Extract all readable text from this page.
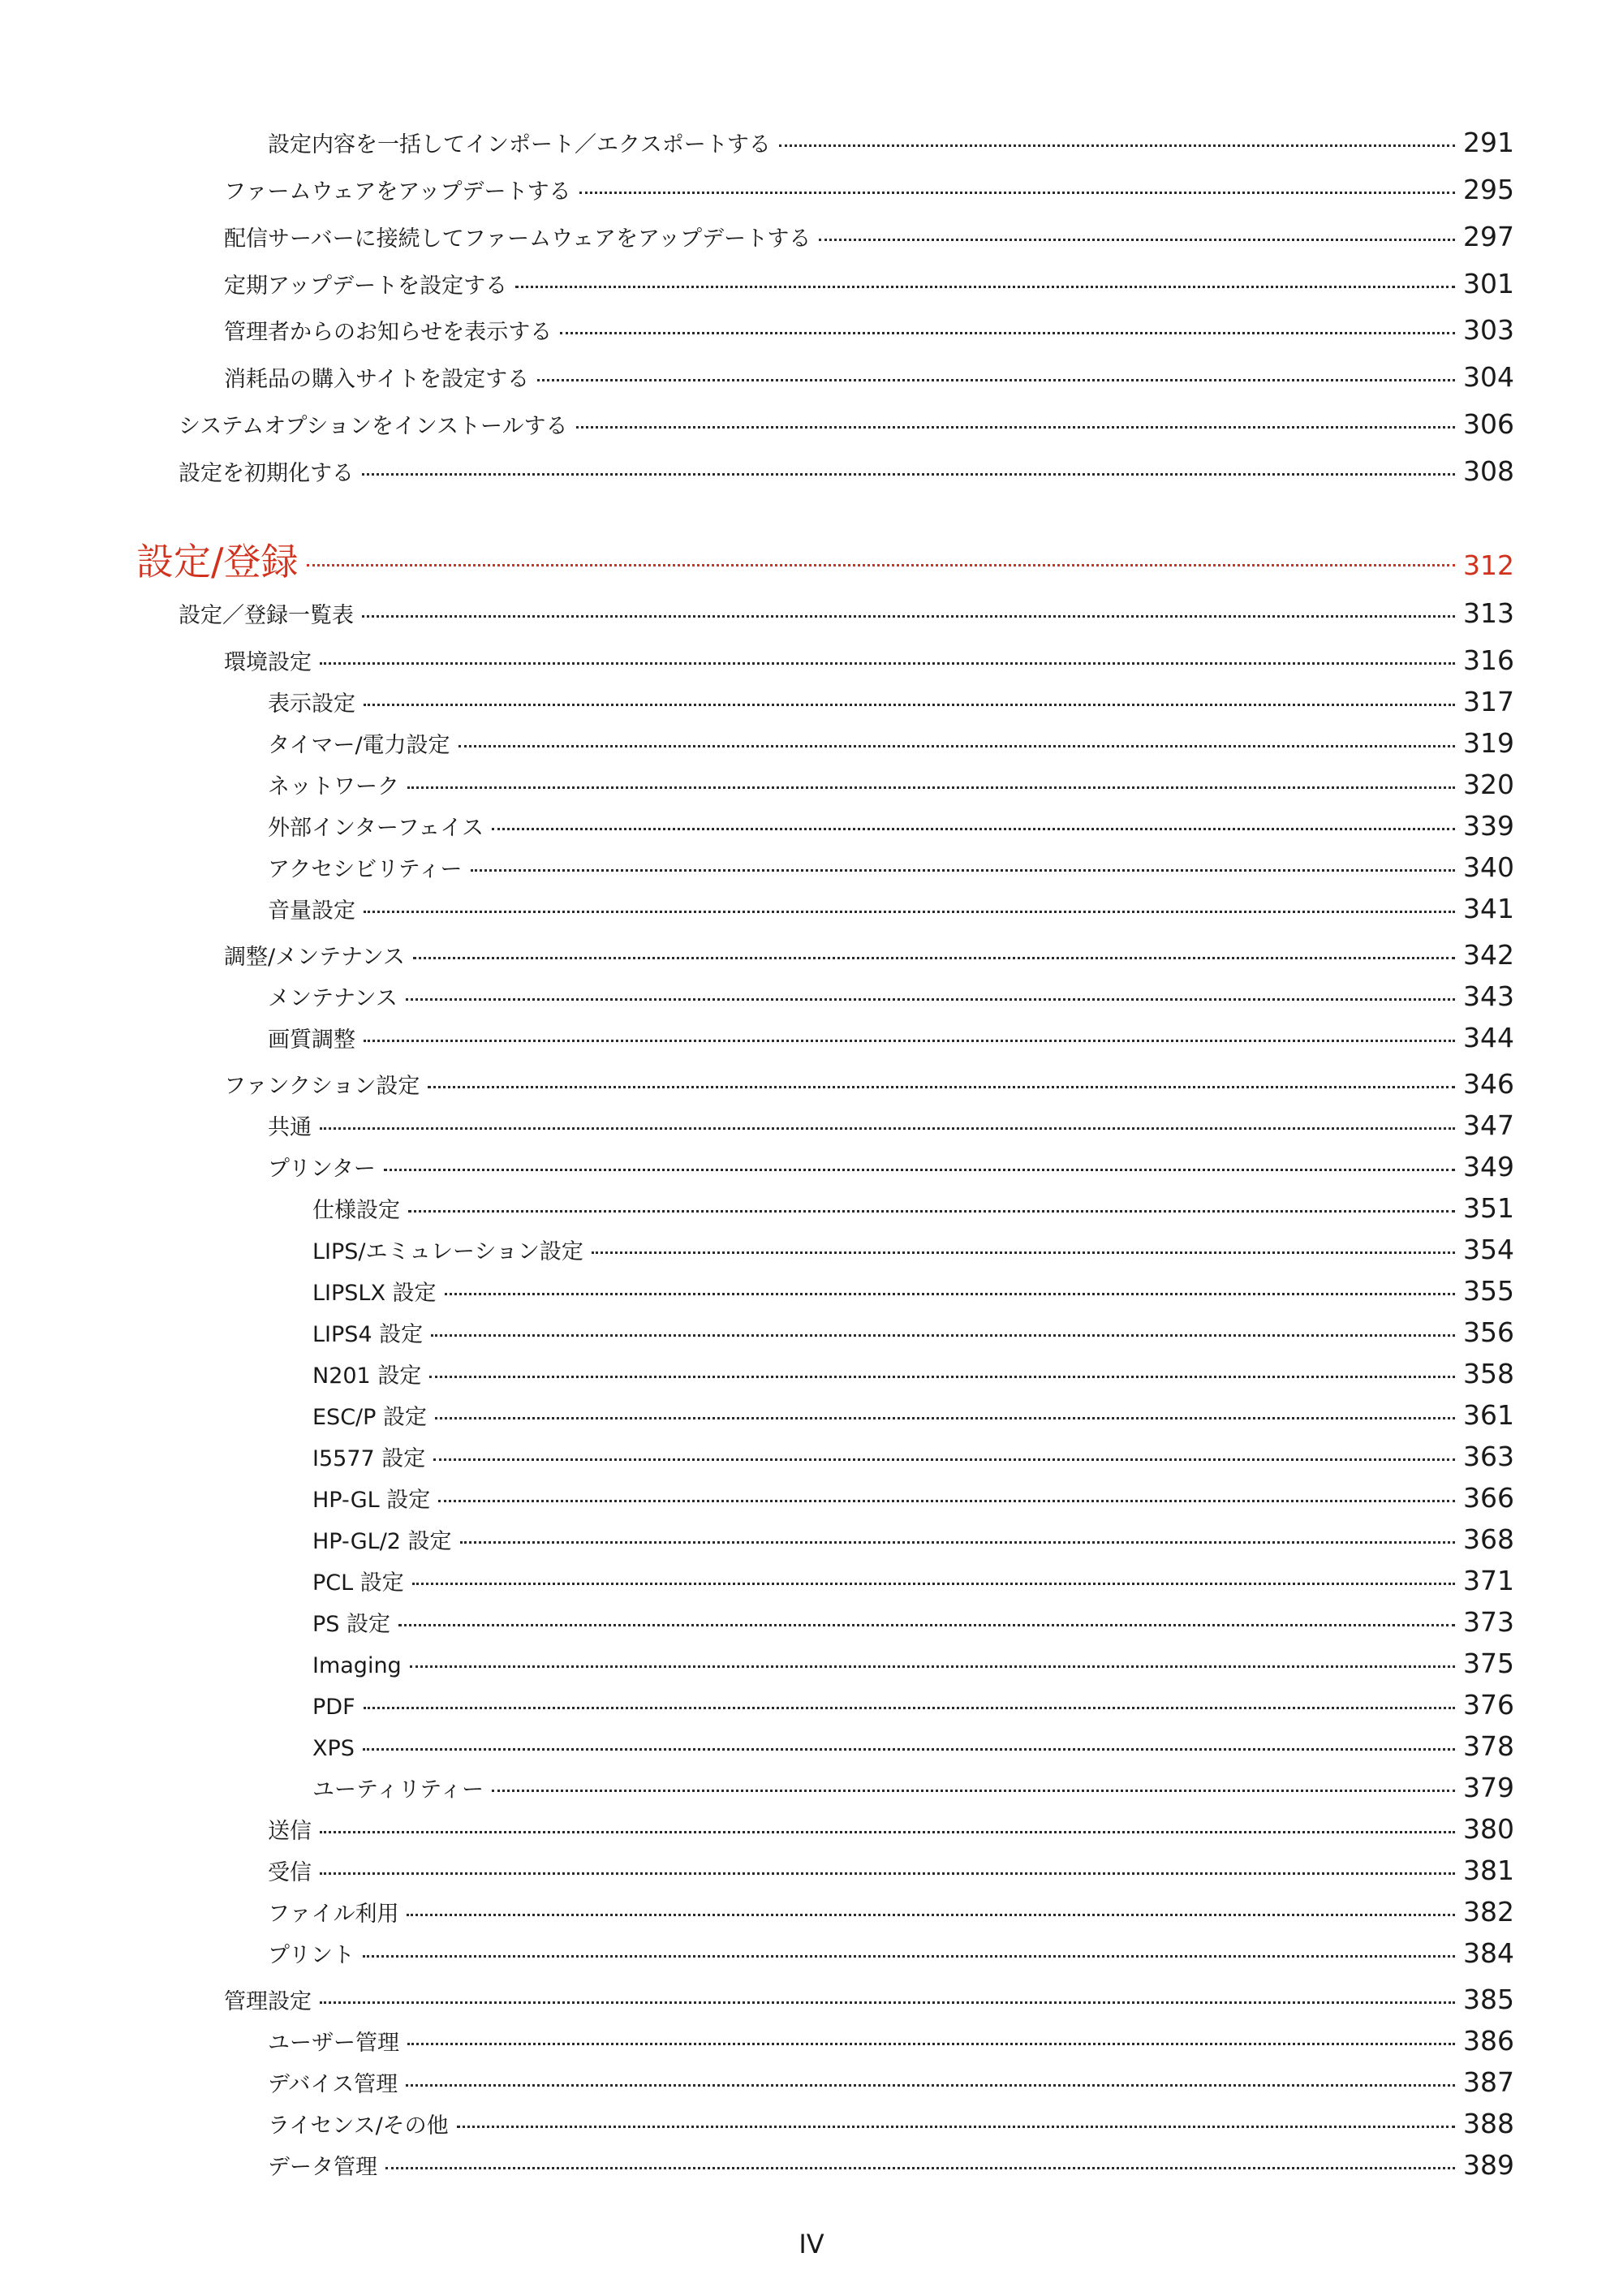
設定内容を一括してインポート／エクスポートする	291
ファームウェアをアップデートする	295
配信サーバーに接続してファームウェアをアップデートする	297
定期アップデートを設定する	301
管理者からのお知らせを表示する	303
消耗品の購入サイトを設定する	304
システムオプションをインストールする	306
設定を初期化する	308
設定/登録	312
設定／登録一覧表	313
環境設定	316
表示設定	317
タイマー/電力設定	319
ネットワーク	320
外部インターフェイス	339
アクセシビリティー	340
音量設定	341
調整/メンテナンス	342
メンテナンス	343
画質調整	344
ファンクション設定	346
共通	347
プリンター	349
仕様設定	351
LIPS/エミュレーション設定	354
LIPSLX 設定	355
LIPS4 設定	356
N201 設定	358
ESC/P 設定	361
I5577 設定	363
HP-GL 設定	366
HP-GL/2 設定	368
PCL 設定	371
PS 設定	373
Imaging	375
PDF	376
XPS	378
ユーティリティー	379
送信	380
受信	381
ファイル利用	382
プリント	384
管理設定	385
ユーザー管理	386
デバイス管理	387
ライセンス/その他	388
データ管理	389
IV
